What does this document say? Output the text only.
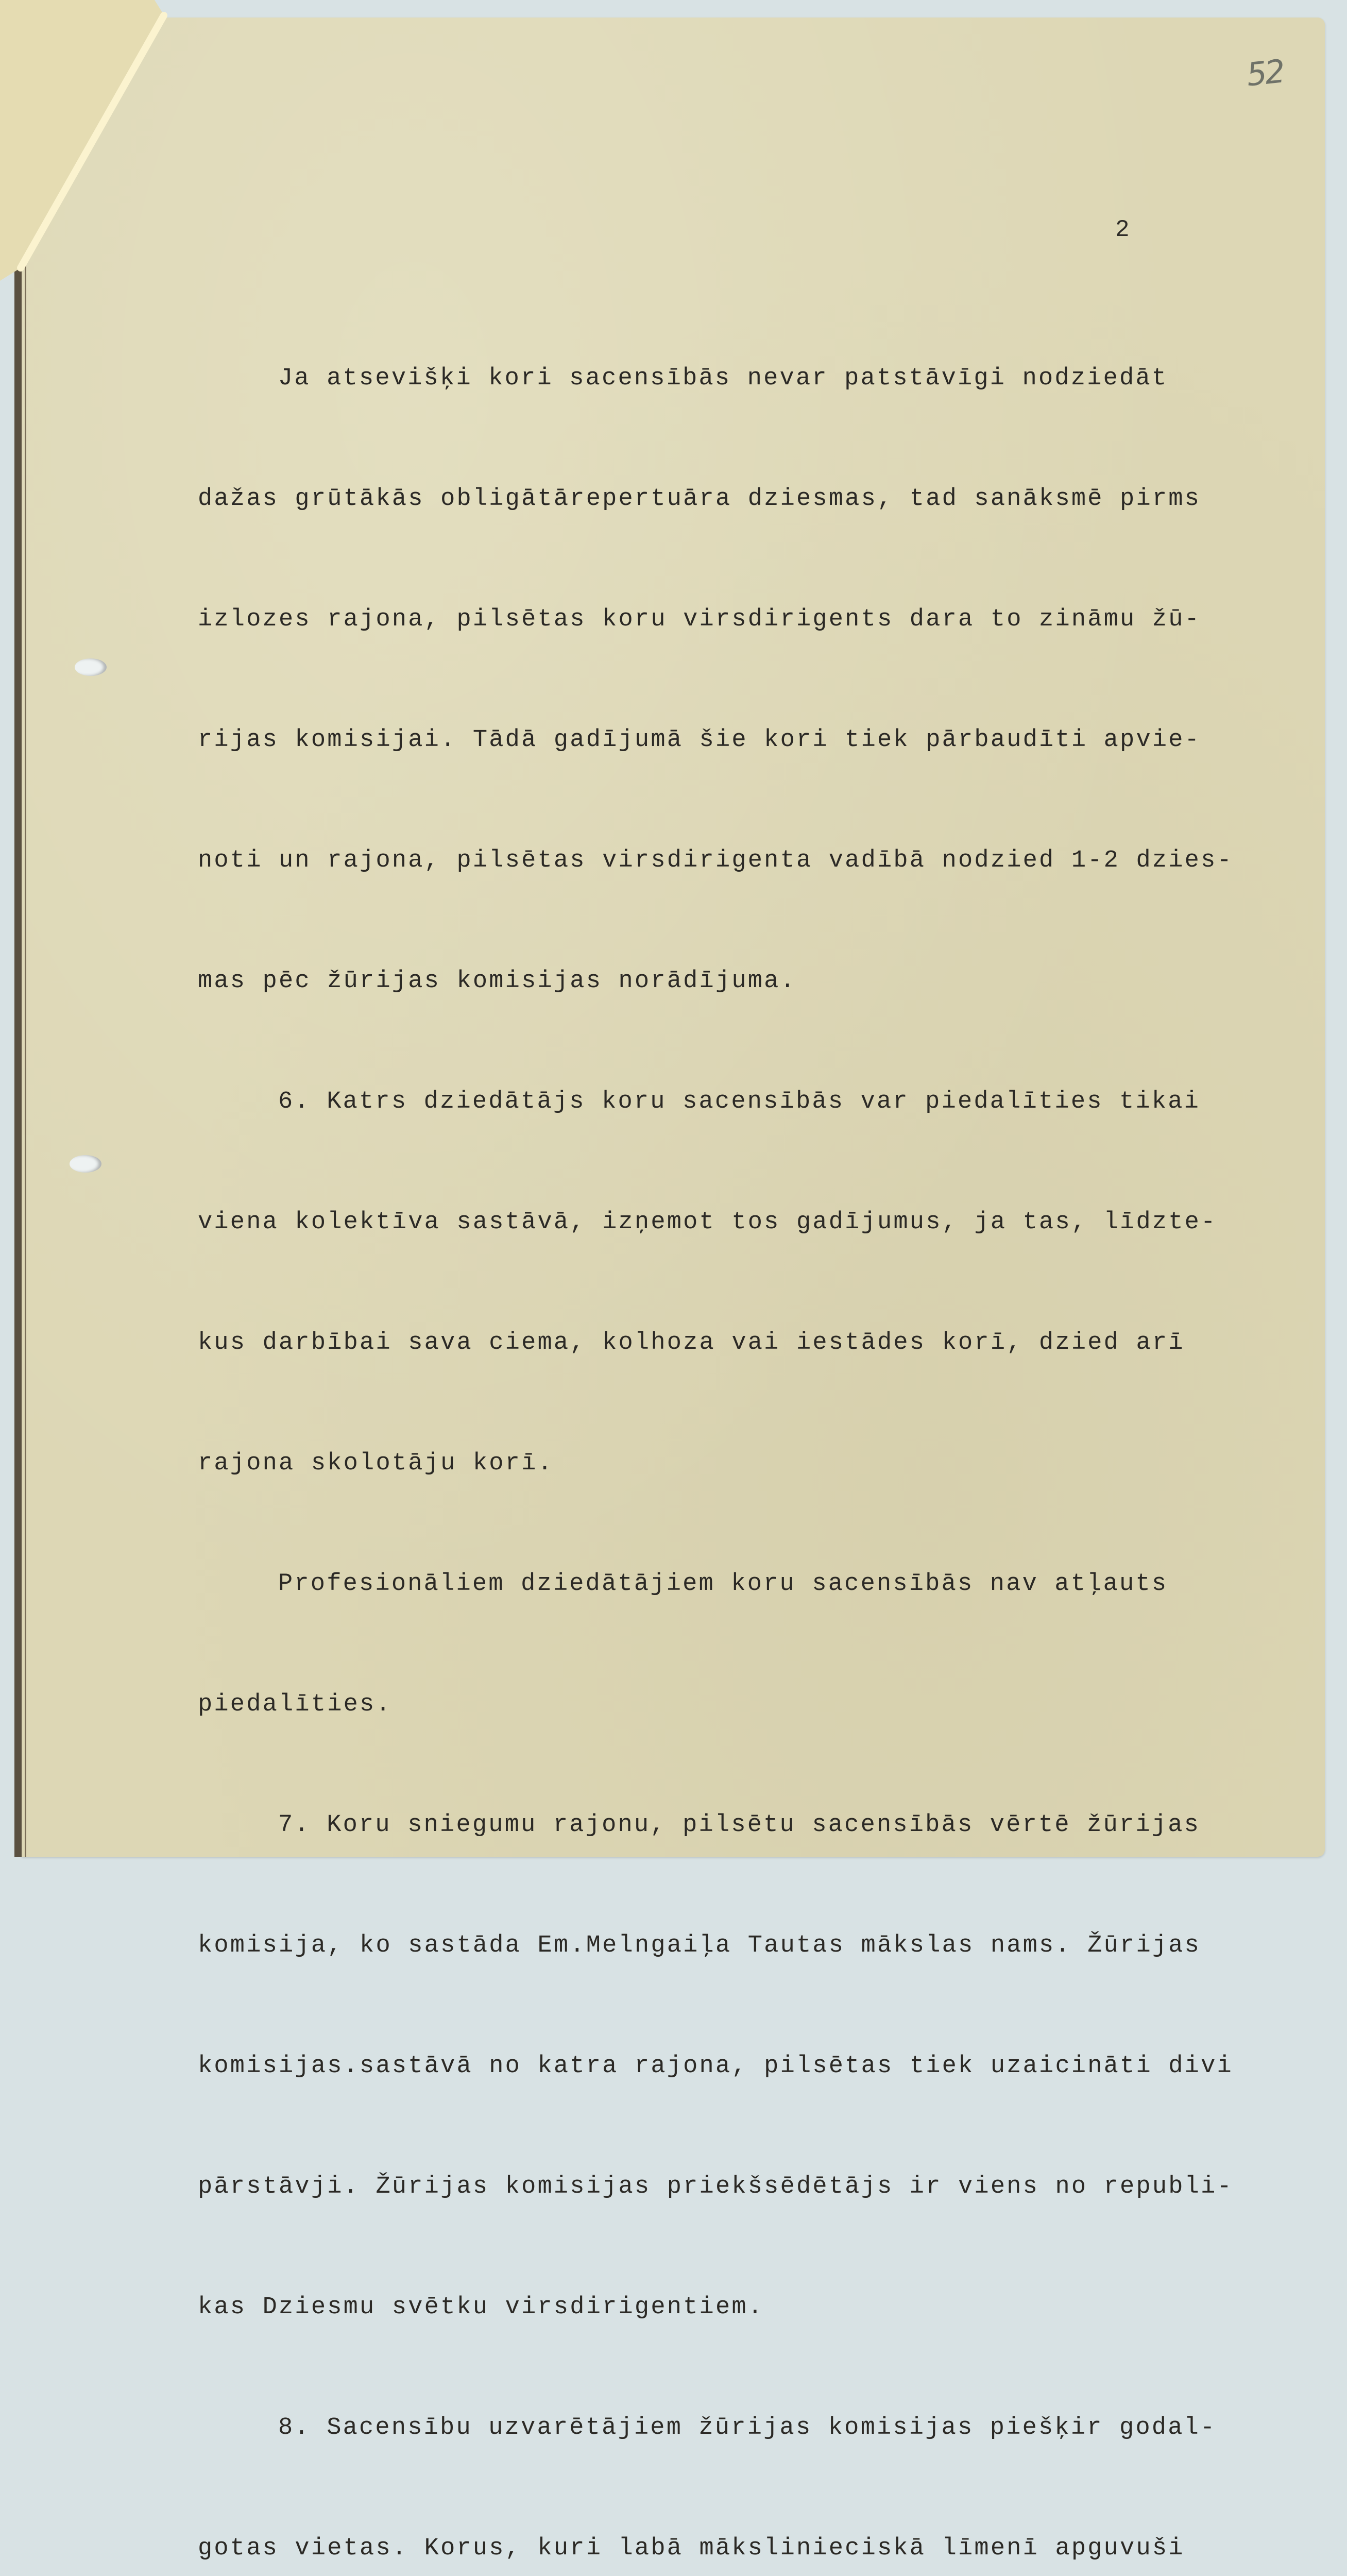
52
2

Ja atsevišķi kori sacensībās nevar patstāvīgi nodziedāt

dažas grūtākās obligātārepertuāra dziesmas, tad sanāksmē pirms

izlozes rajona, pilsētas koru virsdirigents dara to zināmu žū-

rijas komisijai. Tādā gadījumā šie kori tiek pārbaudīti apvie-

noti un rajona, pilsētas virsdirigenta vadībā nodzied 1-2 dzies-

mas pēc žūrijas komisijas norādījuma.

6. Katrs dziedātājs koru sacensībās var piedalīties tikai

viena kolektīva sastāvā, izņemot tos gadījumus, ja tas, līdzte-

kus darbībai sava ciema, kolhoza vai iestādes korī, dzied arī

rajona skolotāju korī.

Profesionāliem dziedātājiem koru sacensībās nav atļauts

piedalīties.

7. Koru sniegumu rajonu, pilsētu sacensībās vērtē žūrijas

komisija, ko sastāda Em.Melngaiļa Tautas mākslas nams. Žūrijas

komisijas.sastāvā no katra rajona, pilsētas tiek uzaicināti divi

pārstāvji. Žūrijas komisijas priekšsēdētājs ir viens no republi-

kas Dziesmu svētku virsdirigentiem.

8. Sacensību uzvarētājiem žūrijas komisijas piešķir godal-

gotas vietas. Korus, kuri labā mākslinieciskā līmenī apguvuši
